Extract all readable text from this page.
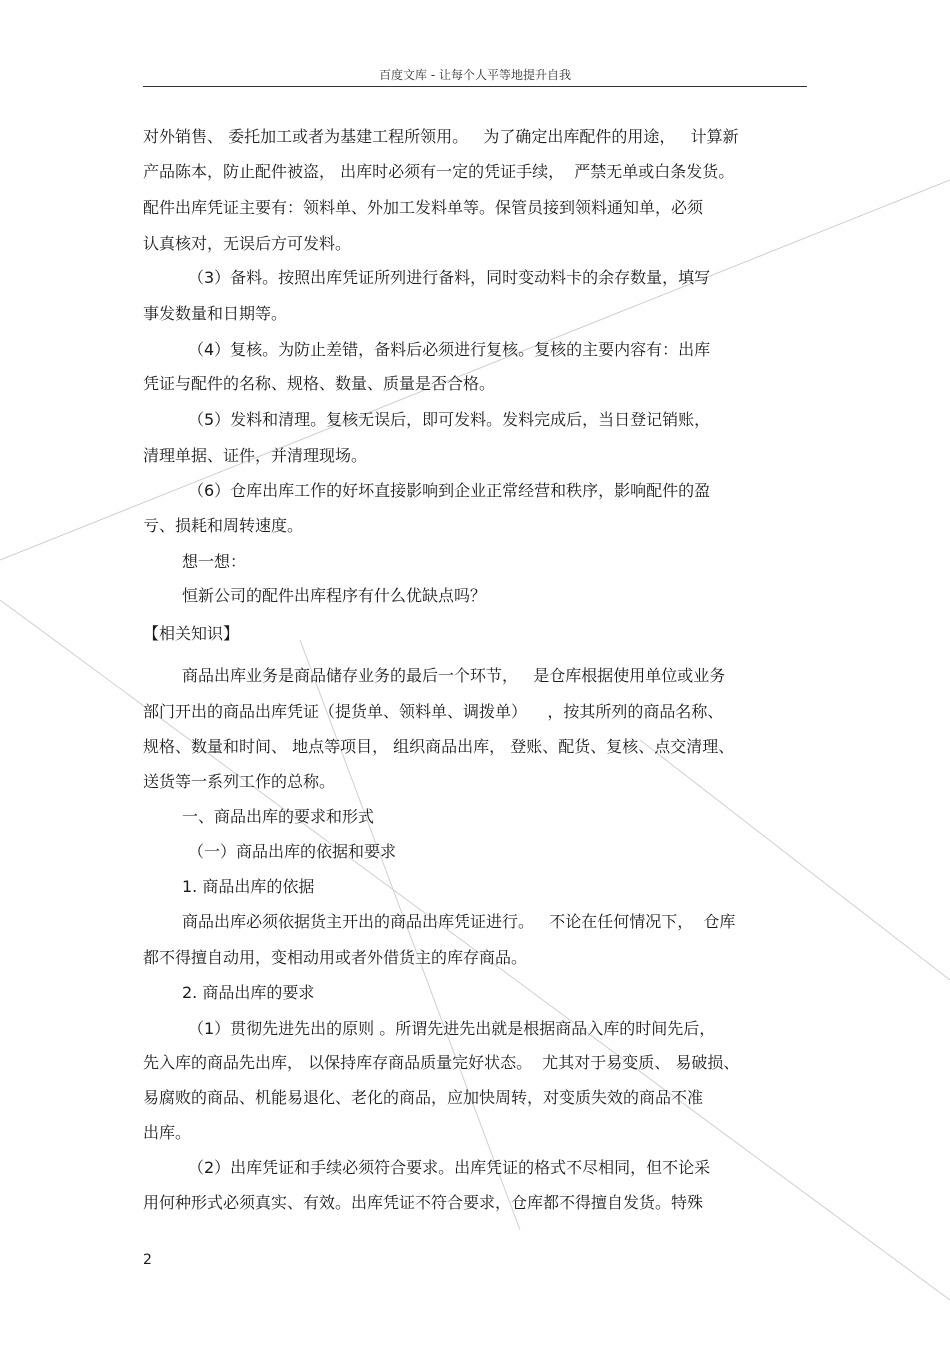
百度文库 - 让每个人平等地提升自我
对外销售、 委托加工或者为基建工程所领用。   为了确定出库配件的用途，   计算新
产品陈本，防止配件被盗， 出库时必须有一定的凭证手续，  严禁无单或白条发货。
配件出库凭证主要有：领料单、外加工发料单等。保管员接到领料通知单，必须
认真核对，无误后方可发料。
（3）备料。按照出库凭证所列进行备料，同时变动料卡的余存数量，填写
事发数量和日期等。
（4）复核。为防止差错，备料后必须进行复核。复核的主要内容有：出库
凭证与配件的名称、规格、数量、质量是否合格。
（5）发料和清理。复核无误后，即可发料。发料完成后，当日登记销账，
清理单据、证件，并清理现场。
（6）仓库出库工作的好坏直接影响到企业正常经营和秩序，影响配件的盈
亏、损耗和周转速度。
想一想：
恒新公司的配件出库程序有什么优缺点吗？
【相关知识】
商品出库业务是商品储存业务的最后一个环节，   是仓库根据使用单位或业务
部门开出的商品出库凭证（提货单、领料单、调拨单）    ，按其所列的商品名称、
规格、数量和时间、 地点等项目， 组织商品出库， 登账、配货、复核、点交清理、
送货等一系列工作的总称。
一、商品出库的要求和形式
（一）商品出库的依据和要求
1. 商品出库的依据
商品出库必须依据货主开出的商品出库凭证进行。   不论在任何情况下，  仓库
都不得擅自动用，变相动用或者外借货主的库存商品。
2. 商品出库的要求
（1）贯彻先进先出的原则 。所谓先进先出就是根据商品入库的时间先后，
先入库的商品先出库， 以保持库存商品质量完好状态。  尤其对于易变质、 易破损、
易腐败的商品、机能易退化、老化的商品，应加快周转，对变质失效的商品不准
出库。
（2）出库凭证和手续必须符合要求。出库凭证的格式不尽相同，但不论采
用何种形式必须真实、有效。出库凭证不符合要求，仓库都不得擅自发货。特殊
2
